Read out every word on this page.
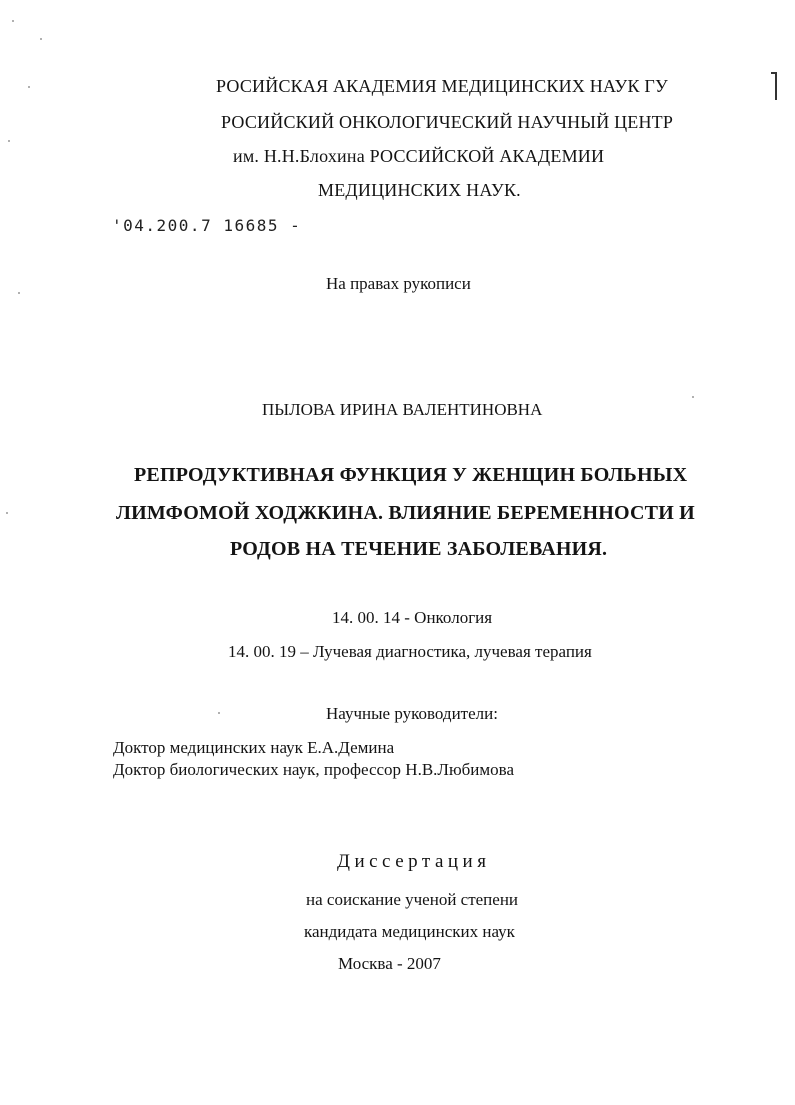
РОСИЙСКАЯ АКАДЕМИЯ МЕДИЦИНСКИХ НАУК ГУ
РОСИЙСКИЙ ОНКОЛОГИЧЕСКИЙ НАУЧНЫЙ ЦЕНТР
им. Н.Н.Блохина РОССИЙСКОЙ АКАДЕМИИ
МЕДИЦИНСКИХ НАУК.
'04.200.7 16685 -
На правах рукописи
ПЫЛОВА ИРИНА ВАЛЕНТИНОВНА
РЕПРОДУКТИВНАЯ ФУНКЦИЯ У ЖЕНЩИН БОЛЬНЫХ
ЛИМФОМОЙ ХОДЖКИНА. ВЛИЯНИЕ БЕРЕМЕННОСТИ И
РОДОВ НА ТЕЧЕНИЕ ЗАБОЛЕВАНИЯ.
14. 00. 14 - Онкология
14. 00. 19 – Лучевая диагностика, лучевая терапия
Научные руководители:
Доктор медицинских наук Е.А.Демина
Доктор биологических наук, профессор Н.В.Любимова
Диссертация
на соискание ученой степени
кандидата медицинских наук
Москва - 2007
